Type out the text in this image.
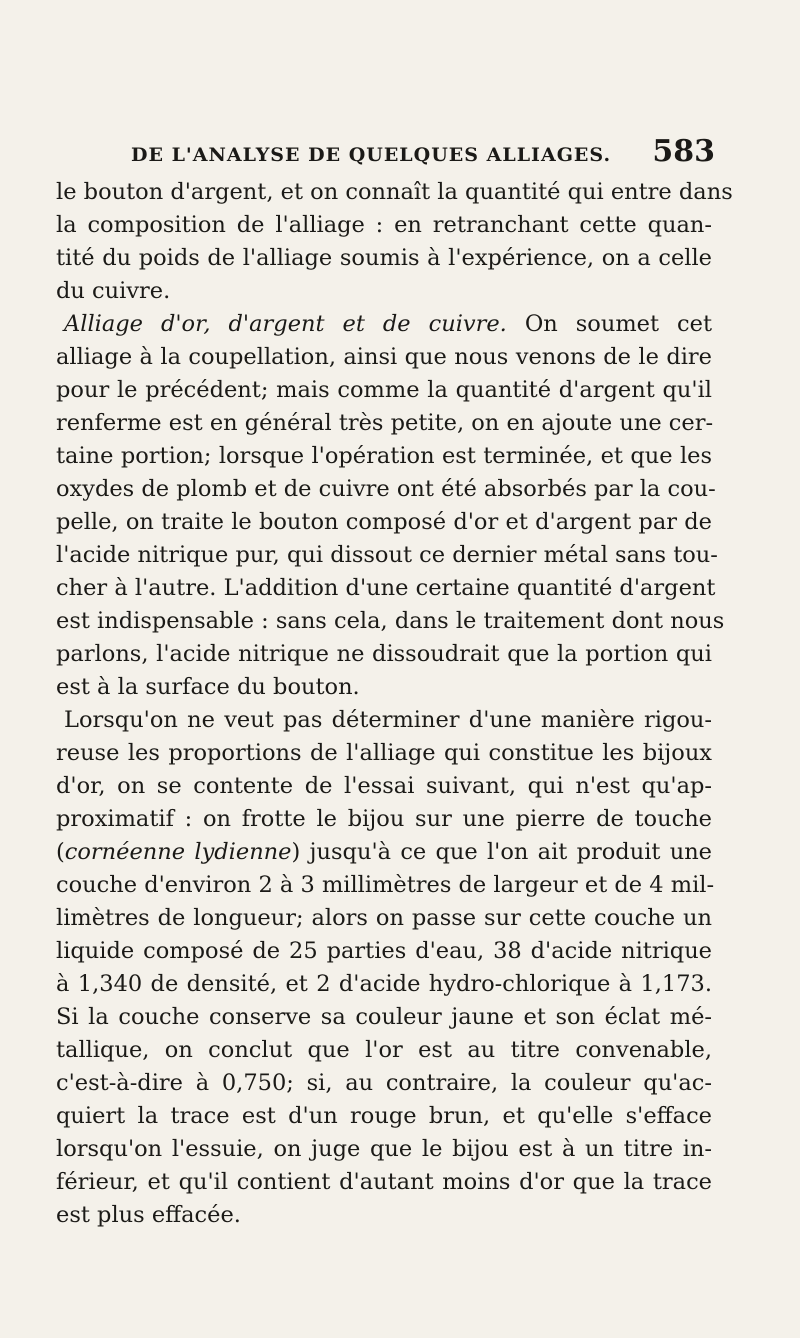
DE L'ANALYSE DE QUELQUES ALLIAGES. 583

le bouton d'argent, et on connaît la quantité qui entre dans
la composition de l'alliage : en retranchant cette quan-
tité du poids de l'alliage soumis à l'expérience, on a celle
du cuivre.

Alliage d'or, d'argent et de cuivre. On soumet cet
alliage à la coupellation, ainsi que nous venons de le dire
pour le précédent; mais comme la quantité d'argent qu'il
renferme est en général très petite, on en ajoute une cer-
taine portion; lorsque l'opération est terminée, et que les
oxydes de plomb et de cuivre ont été absorbés par la cou-
pelle, on traite le bouton composé d'or et d'argent par de
l'acide nitrique pur, qui dissout ce dernier métal sans tou-
cher à l'autre. L'addition d'une certaine quantité d'argent
est indispensable : sans cela, dans le traitement dont nous
parlons, l'acide nitrique ne dissoudrait que la portion qui
est à la surface du bouton.

Lorsqu'on ne veut pas déterminer d'une manière rigou-
reuse les proportions de l'alliage qui constitue les bijoux
d'or, on se contente de l'essai suivant, qui n'est qu'ap-
proximatif : on frotte le bijou sur une pierre de touche
(cornéenne lydienne) jusqu'à ce que l'on ait produit une
couche d'environ 2 à 3 millimètres de largeur et de 4 mil-
limètres de longueur; alors on passe sur cette couche un
liquide composé de 25 parties d'eau, 38 d'acide nitrique
à 1,340 de densité, et 2 d'acide hydro-chlorique à 1,173.
Si la couche conserve sa couleur jaune et son éclat mé-
tallique, on conclut que l'or est au titre convenable,
c'est-à-dire à 0,750; si, au contraire, la couleur qu'ac-
quiert la trace est d'un rouge brun, et qu'elle s'efface
lorsqu'on l'essuie, on juge que le bijou est à un titre in-
férieur, et qu'il contient d'autant moins d'or que la trace
est plus effacée.
